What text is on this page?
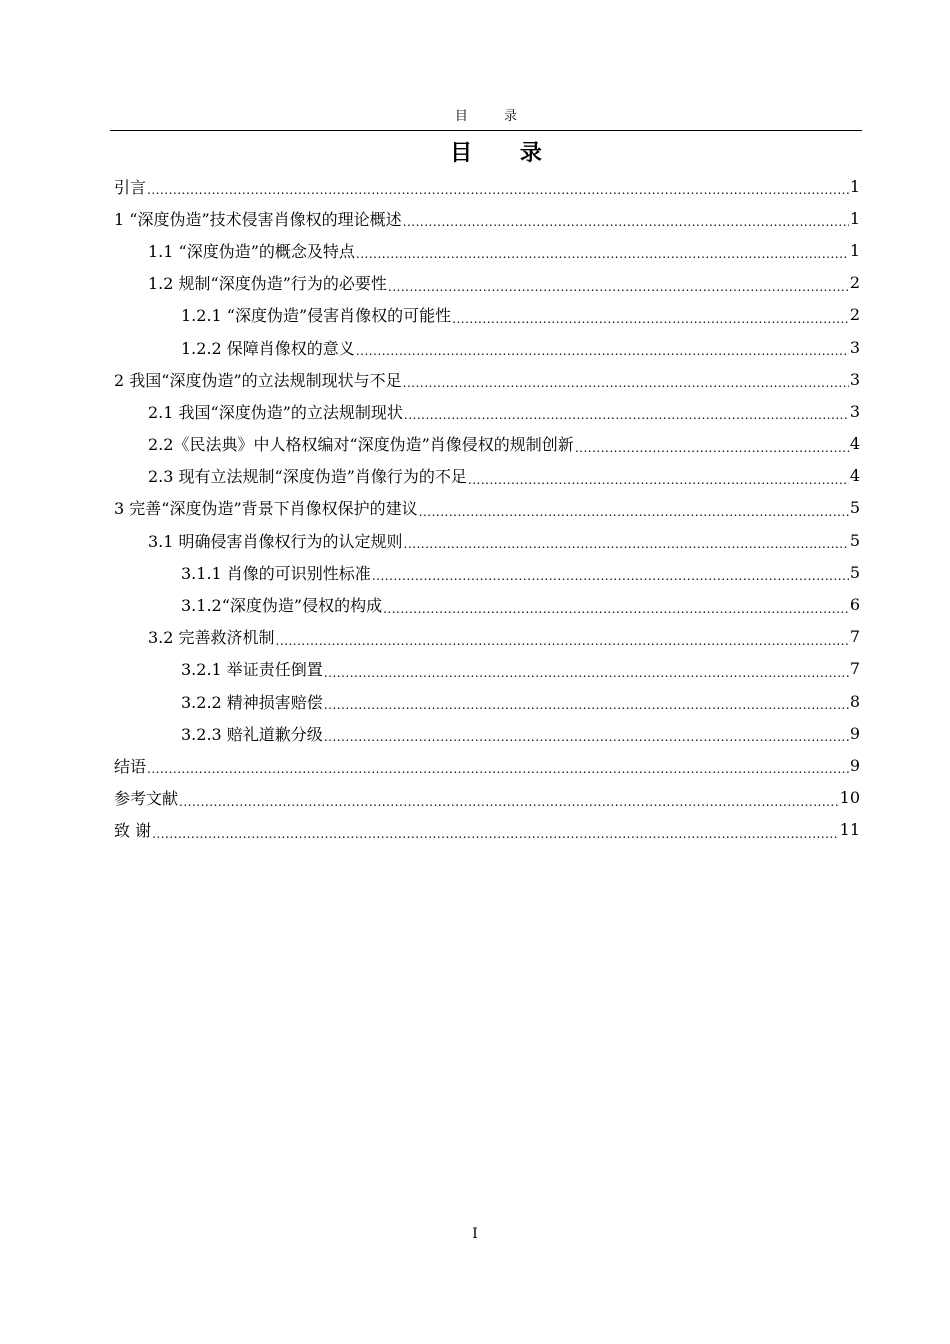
目 录
目 录
引言 .....	1
1 “深度伪造”技术侵害肖像权的理论概述 .....	1
1.1 “深度伪造”的概念及特点 .....	1
1.2 规制“深度伪造”行为的必要性 .....	2
1.2.1 “深度伪造”侵害肖像权的可能性 .....	2
1.2.2 保障肖像权的意义 .....	3
2 我国“深度伪造”的立法规制现状与不足 .....	3
2.1 我国“深度伪造”的立法规制现状 .....	3
2.2《民法典》中人格权编对“深度伪造”肖像侵权的规制创新 .....	4
2.3 现有立法规制“深度伪造”肖像行为的不足 .....	4
3 完善“深度伪造”背景下肖像权保护的建议 .....	5
3.1 明确侵害肖像权行为的认定规则 .....	5
3.1.1 肖像的可识别性标准 .....	5
3.1.2“深度伪造”侵权的构成 .....	6
3.2 完善救济机制 .....	7
3.2.1 举证责任倒置 .....	7
3.2.2 精神损害赔偿 .....	8
3.2.3 赔礼道歉分级 .....	9
结语 .....	9
参考文献 .....	10
致 谢 .....	11
I
